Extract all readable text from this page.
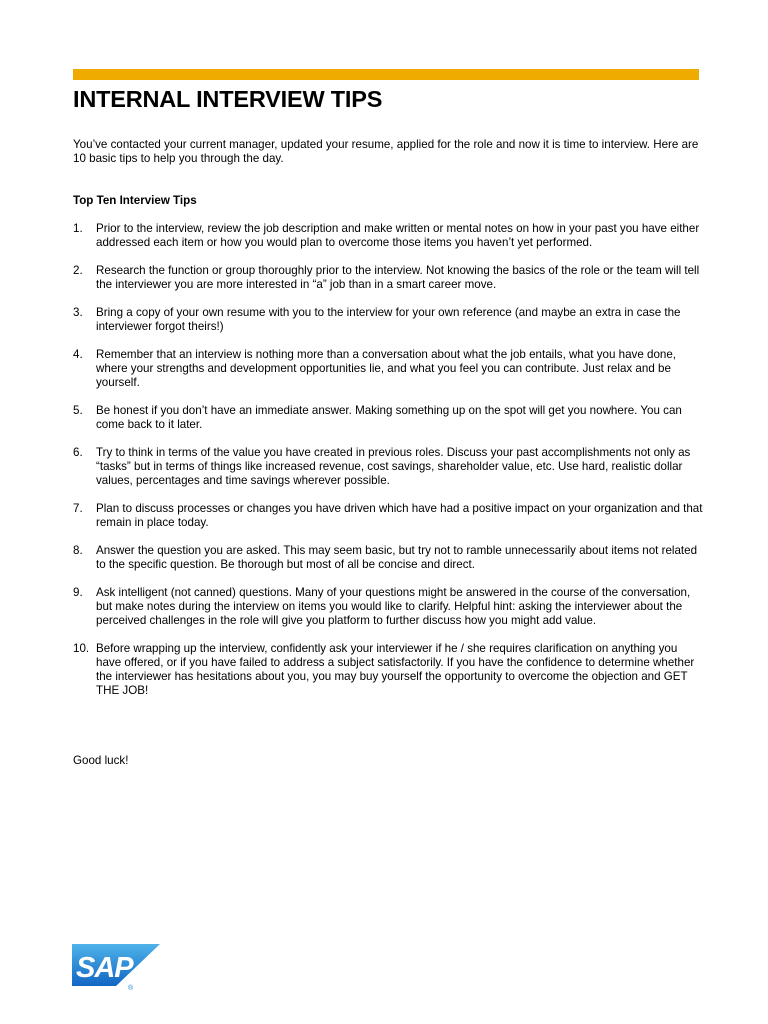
INTERNAL INTERVIEW TIPS

You’ve contacted your current manager, updated your resume, applied for the role and now it is time to interview. Here are 10 basic tips to help you through the day.

Top Ten Interview Tips

1. Prior to the interview, review the job description and make written or mental notes on how in your past you have either addressed each item or how you would plan to overcome those items you haven’t yet performed.
2. Research the function or group thoroughly prior to the interview. Not knowing the basics of the role or the team will tell the interviewer you are more interested in “a” job than in a smart career move.
3. Bring a copy of your own resume with you to the interview for your own reference (and maybe an extra in case the interviewer forgot theirs!)
4. Remember that an interview is nothing more than a conversation about what the job entails, what you have done, where your strengths and development opportunities lie, and what you feel you can contribute. Just relax and be yourself.
5. Be honest if you don’t have an immediate answer. Making something up on the spot will get you nowhere. You can come back to it later.
6. Try to think in terms of the value you have created in previous roles. Discuss your past accomplishments not only as “tasks” but in terms of things like increased revenue, cost savings, shareholder value, etc. Use hard, realistic dollar values, percentages and time savings wherever possible.
7. Plan to discuss processes or changes you have driven which have had a positive impact on your organization and that remain in place today.
8. Answer the question you are asked. This may seem basic, but try not to ramble unnecessarily about items not related to the specific question. Be thorough but most of all be concise and direct.
9. Ask intelligent (not canned) questions. Many of your questions might be answered in the course of the conversation, but make notes during the interview on items you would like to clarify. Helpful hint: asking the interviewer about the perceived challenges in the role will give you platform to further discuss how you might add value.
10. Before wrapping up the interview, confidently ask your interviewer if he / she requires clarification on anything you have offered, or if you have failed to address a subject satisfactorily. If you have the confidence to determine whether the interviewer has hesitations about you, you may buy yourself the opportunity to overcome the objection and GET THE JOB!

Good luck!

SAP
®
